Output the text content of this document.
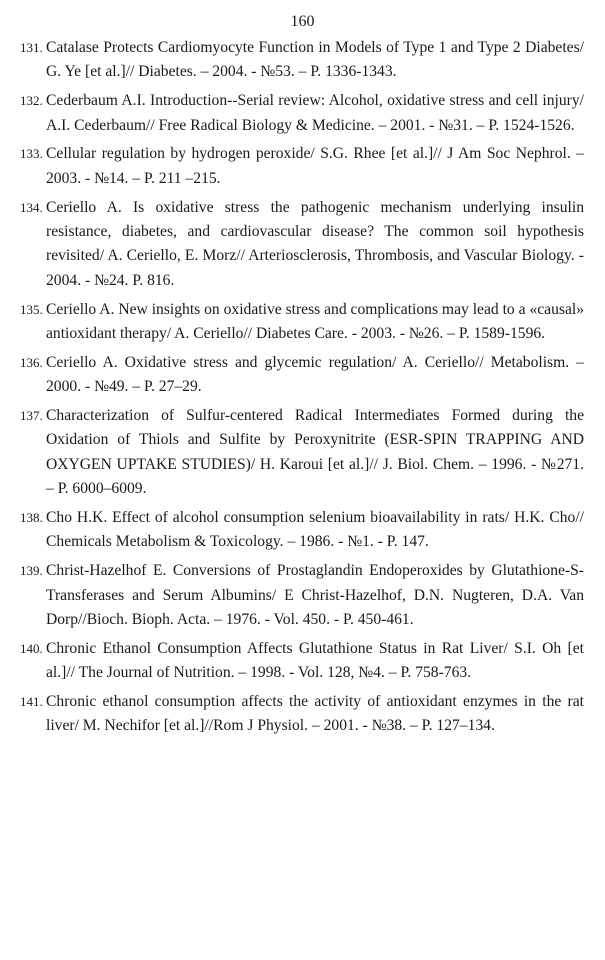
160
131. Catalase Protects Cardiomyocyte Function in Models of Type 1 and Type 2 Diabetes/ G. Ye [et al.]// Diabetes. – 2004. - №53. – P. 1336-1343.
132. Cederbaum A.I. Introduction--Serial review: Alcohol, oxidative stress and cell injury/ A.I. Cederbaum// Free Radical Biology & Medicine. – 2001. - №31. – P. 1524-1526.
133. Cellular regulation by hydrogen peroxide/ S.G. Rhee [et al.]// J Am Soc Nephrol. – 2003. - №14. – P. 211 –215.
134. Ceriello A. Is oxidative stress the pathogenic mechanism underlying insulin resistance, diabetes, and cardiovascular disease? The common soil hypothesis revisited/ A. Ceriello, E. Morz// Arteriosclerosis, Thrombosis, and Vascular Biology. - 2004. - №24. P. 816.
135. Ceriello A. New insights on oxidative stress and complications may lead to a «causal» antioxidant therapy/ A. Ceriello// Diabetes Care. - 2003. - №26. – P. 1589-1596.
136. Ceriello A. Oxidative stress and glycemic regulation/ A. Ceriello// Metabolism. – 2000. - №49. – P. 27–29.
137. Characterization of Sulfur-centered Radical Intermediates Formed during the Oxidation of Thiols and Sulfite by Peroxynitrite (ESR-SPIN TRAPPING AND OXYGEN UPTAKE STUDIES)/ H. Karoui [et al.]// J. Biol. Chem. – 1996. - №271. – P. 6000–6009.
138. Cho H.K. Effect of alcohol consumption selenium bioavailability in rats/ H.K. Cho// Chemicals Metabolism & Toxicology. – 1986. - №1. - P. 147.
139. Christ-Hazelhof E. Conversions of Prostaglandin Endoperoxides by Glutathione-S-Transferases and Serum Albumins/ E Christ-Hazelhof, D.N. Nugteren, D.A. Van Dorp//Bioch. Bioph. Acta. – 1976. - Vol. 450. - P. 450-461.
140. Chronic Ethanol Consumption Affects Glutathione Status in Rat Liver/ S.I. Oh [et al.]// The Journal of Nutrition. – 1998. - Vol. 128, №4. – P. 758-763.
141. Chronic ethanol consumption affects the activity of antioxidant enzymes in the rat liver/ M. Nechifor [et al.]//Rom J Physiol. – 2001. - №38. – P. 127–134.
